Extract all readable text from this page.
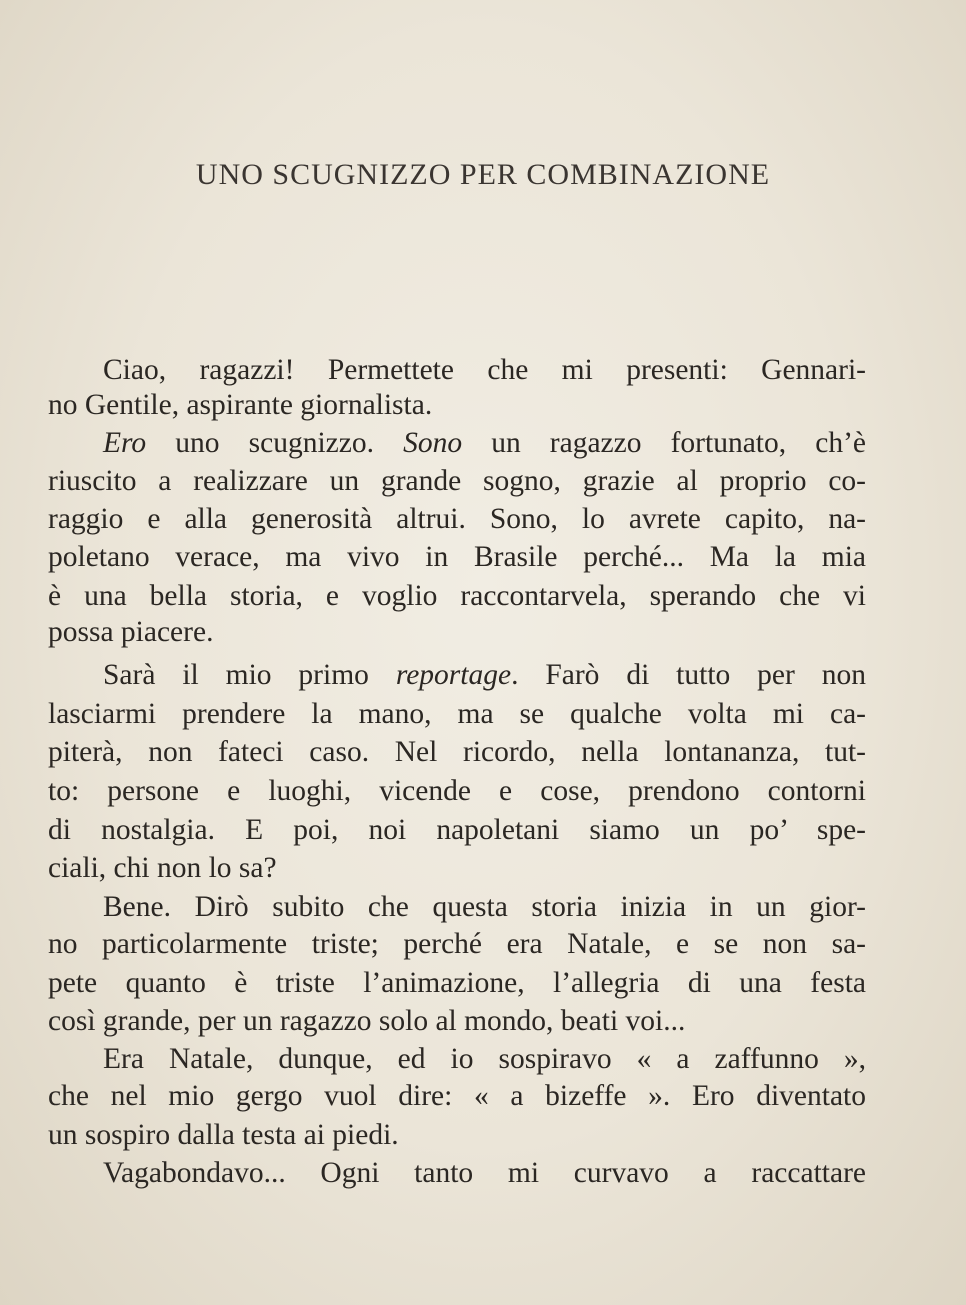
UNO SCUGNIZZO PER COMBINAZIONE
Ciao, ragazzi! Permettete che mi presenti: Gennari-
no Gentile, aspirante giornalista.
Ero uno scugnizzo. Sono un ragazzo fortunato, ch’è
riuscito a realizzare un grande sogno, grazie al proprio co-
raggio e alla generosità altrui. Sono, lo avrete capito, na-
poletano verace, ma vivo in Brasile perché... Ma la mia
è una bella storia, e voglio raccontarvela, sperando che vi
possa piacere.
Sarà il mio primo reportage. Farò di tutto per non
lasciarmi prendere la mano, ma se qualche volta mi ca-
piterà, non fateci caso. Nel ricordo, nella lontananza, tut-
to: persone e luoghi, vicende e cose, prendono contorni
di nostalgia. E poi, noi napoletani siamo un po’ spe-
ciali, chi non lo sa?
Bene. Dirò subito che questa storia inizia in un gior-
no particolarmente triste; perché era Natale, e se non sa-
pete quanto è triste l’animazione, l’allegria di una festa
così grande, per un ragazzo solo al mondo, beati voi...
Era Natale, dunque, ed io sospiravo « a zaffunno »,
che nel mio gergo vuol dire: « a bizeffe ». Ero diventato
un sospiro dalla testa ai piedi.
Vagabondavo... Ogni tanto mi curvavo a raccattare
